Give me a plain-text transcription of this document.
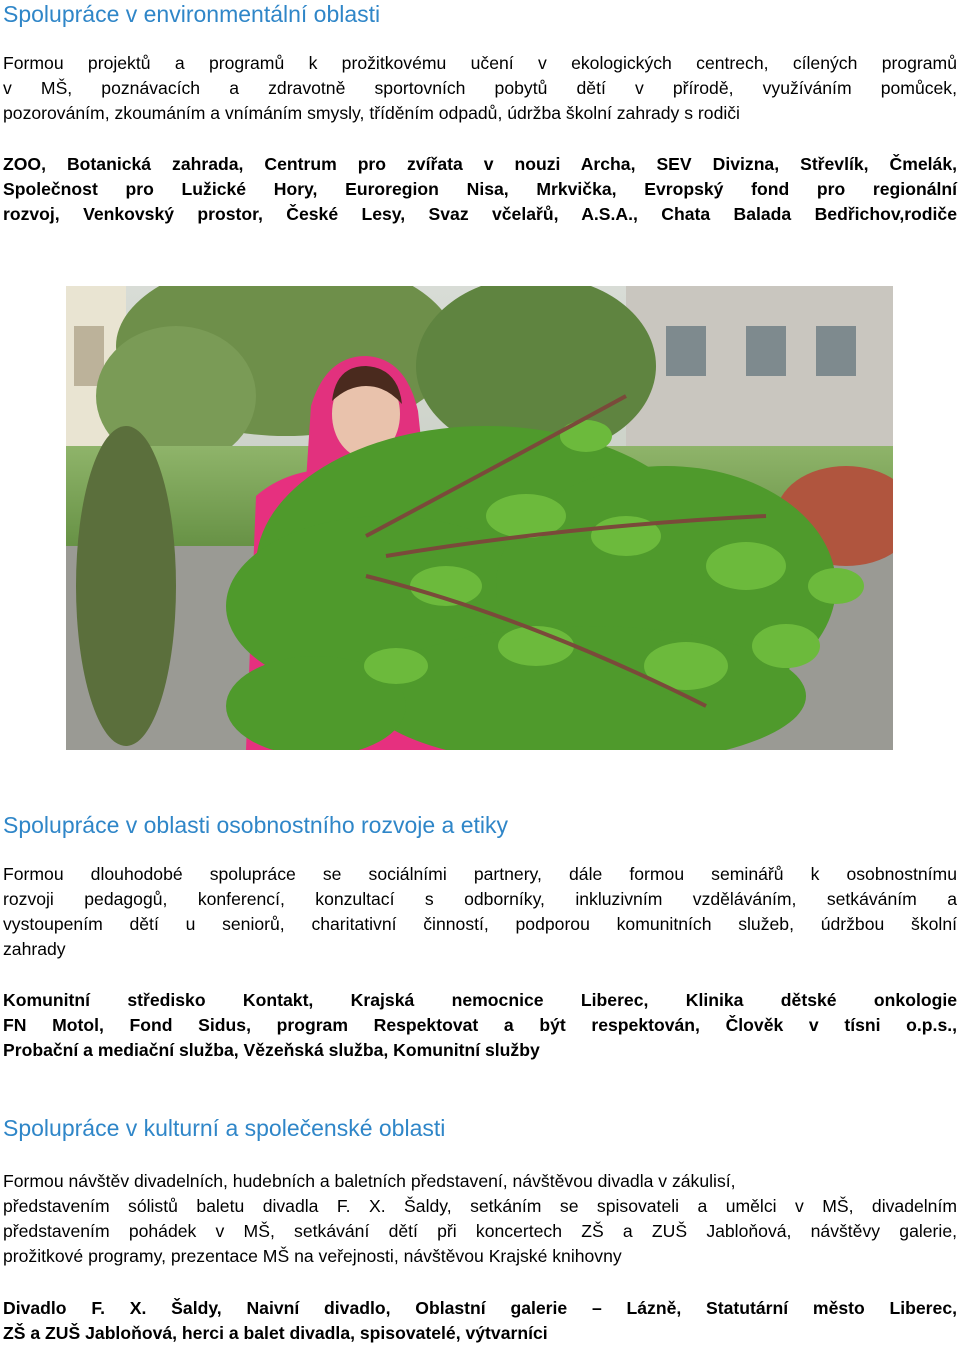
Spolupráce v environmentální oblasti
Formou projektů a programů k prožitkovému učení v ekologických centrech, cílených programů
v MŠ, poznávacích a zdravotně sportovních pobytů dětí v přírodě, využíváním pomůcek,
pozorováním, zkoumáním a vnímáním smysly, tříděním odpadů, údržba školní zahrady s rodiči
ZOO, Botanická zahrada, Centrum pro zvířata v nouzi Archa, SEV Divizna, Střevlík, Čmelák,
Společnost pro Lužické Hory, Euroregion Nisa, Mrkvička, Evropský fond pro regionální
rozvoj, Venkovský prostor, České Lesy, Svaz včelařů, A.S.A., Chata Balada Bedřichov,rodiče
Spolupráce v oblasti osobnostního rozvoje a etiky
Formou dlouhodobé spolupráce se sociálními partnery, dále formou seminářů k osobnostnímu
rozvoji pedagogů, konferencí, konzultací s odborníky, inkluzivním vzděláváním, setkáváním a
vystoupením dětí u seniorů, charitativní činností, podporou komunitních služeb, údržbou školní
zahrady
Komunitní středisko Kontakt, Krajská nemocnice Liberec, Klinika dětské onkologie
FN Motol, Fond Sidus, program Respektovat a být respektován, Člověk v tísni o.p.s.,
Probační a mediační služba, Vězeňská služba, Komunitní služby
Spolupráce v kulturní a společenské oblasti
Formou návštěv divadelních, hudebních a baletních představení, návštěvou divadla v zákulisí,
představením sólistů baletu divadla F. X. Šaldy, setkáním se spisovateli a umělci v MŠ, divadelním
představením pohádek v MŠ, setkávání dětí při koncertech ZŠ a ZUŠ Jabloňová, návštěvy galerie,
prožitkové programy, prezentace MŠ na veřejnosti, návštěvou Krajské knihovny
Divadlo F. X. Šaldy, Naivní divadlo, Oblastní galerie – Lázně, Statutární město Liberec,
ZŠ a ZUŠ Jabloňová, herci a balet divadla, spisovatelé, výtvarníci
